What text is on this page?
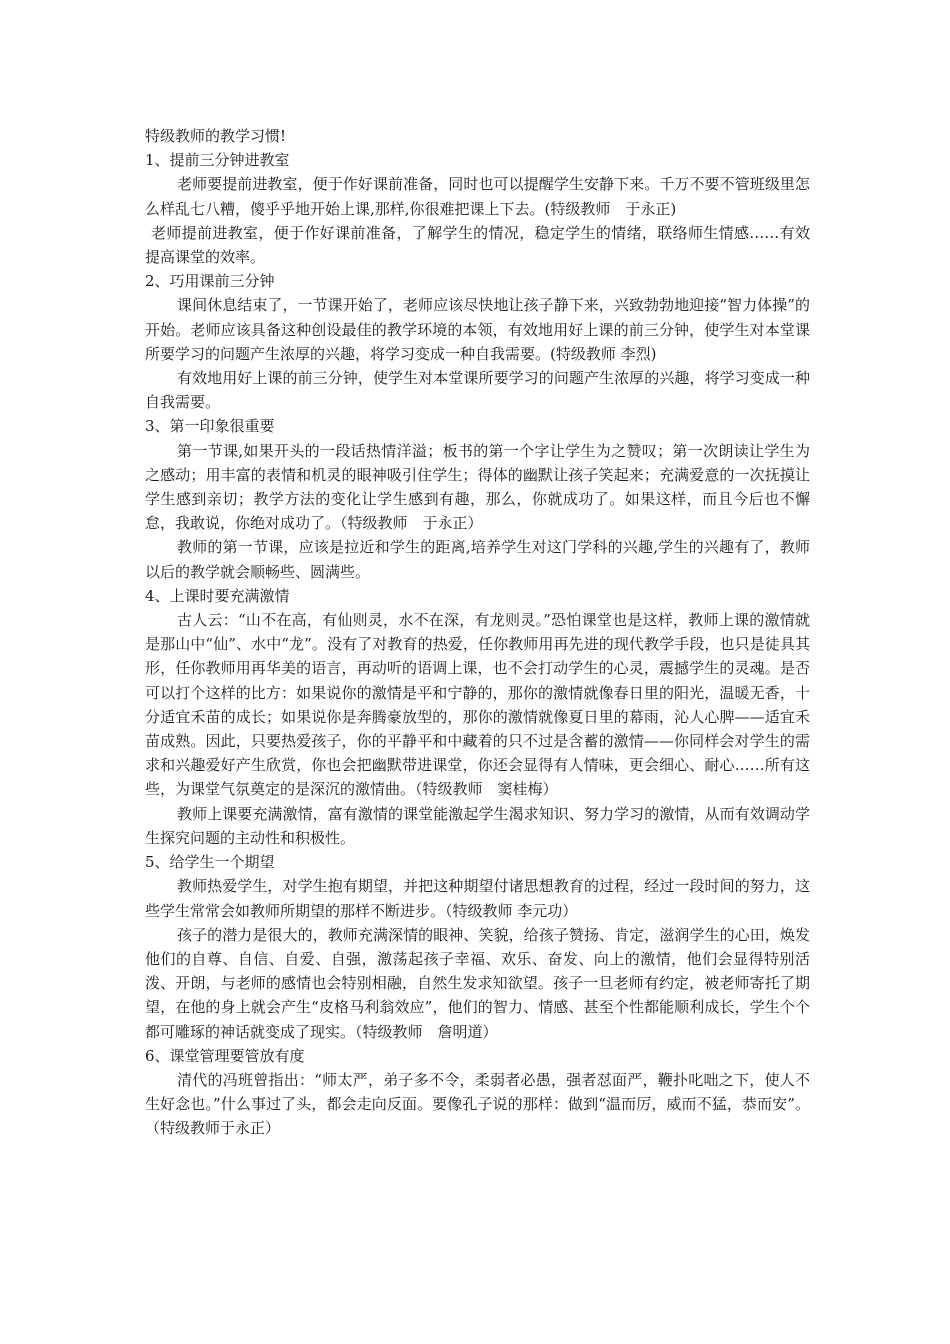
特级教师的教学习惯!

1、提前三分钟进教室

老师要提前进教室，便于作好课前准备，同时也可以提醒学生安静下来。千万不要不管班级里怎么样乱七八糟，傻乎乎地开始上课,那样,你很难把课上下去。(特级教师　于永正)

老师提前进教室，便于作好课前准备，了解学生的情况，稳定学生的情绪，联络师生情感……有效提高课堂的效率。

2、巧用课前三分钟

课间休息结束了，一节课开始了，老师应该尽快地让孩子静下来，兴致勃勃地迎接“智力体操”的开始。老师应该具备这种创设最佳的教学环境的本领，有效地用好上课的前三分钟，使学生对本堂课所要学习的问题产生浓厚的兴趣，将学习变成一种自我需要。(特级教师 李烈)

有效地用好上课的前三分钟，使学生对本堂课所要学习的问题产生浓厚的兴趣，将学习变成一种自我需要。

3、第一印象很重要

第一节课,如果开头的一段话热情洋溢；板书的第一个字让学生为之赞叹；第一次朗读让学生为之感动；用丰富的表情和机灵的眼神吸引住学生；得体的幽默让孩子笑起来；充满爱意的一次抚摸让学生感到亲切；教学方法的变化让学生感到有趣，那么，你就成功了。如果这样，而且今后也不懈怠，我敢说，你绝对成功了。（特级教师　于永正）

教师的第一节课，应该是拉近和学生的距离,培养学生对这门学科的兴趣,学生的兴趣有了，教师以后的教学就会顺畅些、圆满些。

4、上课时要充满激情

古人云：“山不在高，有仙则灵，水不在深，有龙则灵。”恐怕课堂也是这样，教师上课的激情就是那山中“仙”、水中“龙”。没有了对教育的热爱，任你教师用再先进的现代教学手段，也只是徒具其形，任你教师用再华美的语言，再动听的语调上课，也不会打动学生的心灵，震撼学生的灵魂。是否可以打个这样的比方：如果说你的激情是平和宁静的，那你的激情就像春日里的阳光，温暖无香，十分适宜禾苗的成长；如果说你是奔腾豪放型的，那你的激情就像夏日里的幕雨，沁人心脾——适宜禾苗成熟。因此，只要热爱孩子，你的平静平和中藏着的只不过是含蓄的激情——你同样会对学生的需求和兴趣爱好产生欣赏，你也会把幽默带进课堂，你还会显得有人情味，更会细心、耐心……所有这些，为课堂气氛奠定的是深沉的激情曲。（特级教师　窦桂梅）

教师上课要充满激情，富有激情的课堂能激起学生渴求知识、努力学习的激情，从而有效调动学生探究问题的主动性和积极性。

5、给学生一个期望

教师热爱学生，对学生抱有期望，并把这种期望付诸思想教育的过程，经过一段时间的努力，这些学生常常会如教师所期望的那样不断进步。（特级教师 李元功）

孩子的潜力是很大的，教师充满深情的眼神、笑貌，给孩子赞扬、肯定，滋润学生的心田，焕发他们的自尊、自信、自爱、自强，激荡起孩子幸福、欢乐、奋发、向上的激情，他们会显得特别活泼、开朗，与老师的感情也会特别相融，自然生发求知欲望。孩子一旦老师有约定，被老师寄托了期望，在他的身上就会产生“皮格马利翁效应”，他们的智力、情感、甚至个性都能顺利成长，学生个个都可雕琢的神话就变成了现实。（特级教师　詹明道）

6、课堂管理要管放有度

清代的冯班曾指出：“师太严，弟子多不令，柔弱者必愚，强者怼面严，鞭扑叱咄之下，使人不生好念也。”什么事过了头，都会走向反面。要像孔子说的那样：做到“温而厉，威而不猛，恭而安”。（特级教师于永正）
